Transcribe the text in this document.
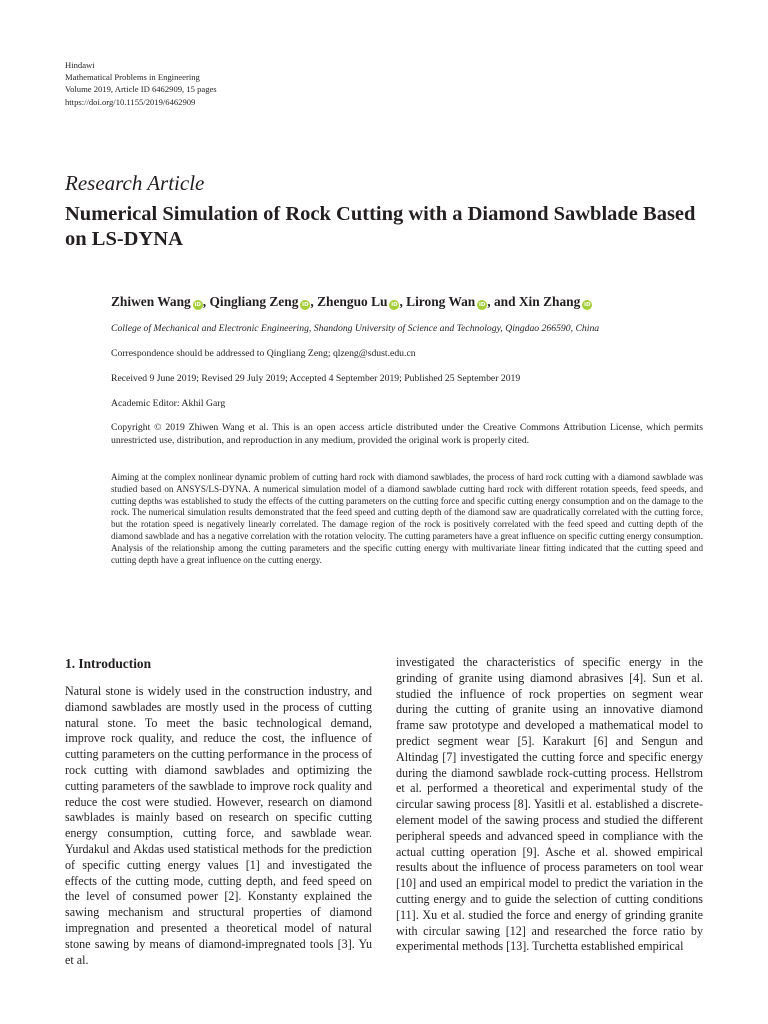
Hindawi
Mathematical Problems in Engineering
Volume 2019, Article ID 6462909, 15 pages
https://doi.org/10.1155/2019/6462909
Research Article
Numerical Simulation of Rock Cutting with a Diamond Sawblade Based on LS-DYNA
Zhiwen Wang iD , Qingliang Zeng iD , Zhenguo Lu iD , Lirong Wan iD , and Xin Zhang iD
College of Mechanical and Electronic Engineering, Shandong University of Science and Technology, Qingdao 266590, China
Correspondence should be addressed to Qingliang Zeng; qlzeng@sdust.edu.cn
Received 9 June 2019; Revised 29 July 2019; Accepted 4 September 2019; Published 25 September 2019
Academic Editor: Akhil Garg

Copyright © 2019 Zhiwen Wang et al. This is an open access article distributed under the Creative Commons Attribution License, which permits unrestricted use, distribution, and reproduction in any medium, provided the original work is properly cited.

Aiming at the complex nonlinear dynamic problem of cutting hard rock with diamond sawblades, the process of hard rock cutting with a diamond sawblade was studied based on ANSYS/LS-DYNA. A numerical simulation model of a diamond sawblade cutting hard rock with different rotation speeds, feed speeds, and cutting depths was established to study the effects of the cutting parameters on the cutting force and specific cutting energy consumption and on the damage to the rock. The numerical simulation results demonstrated that the feed speed and cutting depth of the diamond saw are quadratically correlated with the cutting force, but the rotation speed is negatively linearly correlated. The damage region of the rock is positively correlated with the feed speed and cutting depth of the diamond sawblade and has a negative correlation with the rotation velocity. The cutting parameters have a great influence on specific cutting energy consumption. Analysis of the relationship among the cutting parameters and the specific cutting energy with multivariate linear fitting indicated that the cutting speed and cutting depth have a great influence on the cutting energy.

1. Introduction

Natural stone is widely used in the construction industry, and diamond sawblades are mostly used in the process of cutting natural stone. To meet the basic technological demand, improve rock quality, and reduce the cost, the influence of cutting parameters on the cutting performance in the process of rock cutting with diamond sawblades and optimizing the cutting parameters of the sawblade to improve rock quality and reduce the cost were studied. However, research on diamond sawblades is mainly based on research on specific cutting energy consumption, cutting force, and sawblade wear. Yurdakul and Akdas used statistical methods for the prediction of specific cutting energy values [1] and investigated the effects of the cutting mode, cutting depth, and feed speed on the level of consumed power [2]. Konstanty explained the sawing mechanism and structural properties of diamond impregnation and presented a theoretical model of natural stone sawing by means of diamond-impregnated tools [3]. Yu et al.

investigated the characteristics of specific energy in the grinding of granite using diamond abrasives [4]. Sun et al. studied the influence of rock properties on segment wear during the cutting of granite using an innovative diamond frame saw prototype and developed a mathematical model to predict segment wear [5]. Karakurt [6] and Sengun and Altindag [7] investigated the cutting force and specific energy during the diamond sawblade rock-cutting process. Hellstrom et al. performed a theoretical and experimental study of the circular sawing process [8]. Yasitli et al. established a discrete-element model of the sawing process and studied the different peripheral speeds and advanced speed in compliance with the actual cutting operation [9]. Asche et al. showed empirical results about the influence of process parameters on tool wear [10] and used an empirical model to predict the variation in the cutting energy and to guide the selection of cutting conditions [11]. Xu et al. studied the force and energy of grinding granite with circular sawing [12] and researched the force ratio by experimental methods [13]. Turchetta established empirical
